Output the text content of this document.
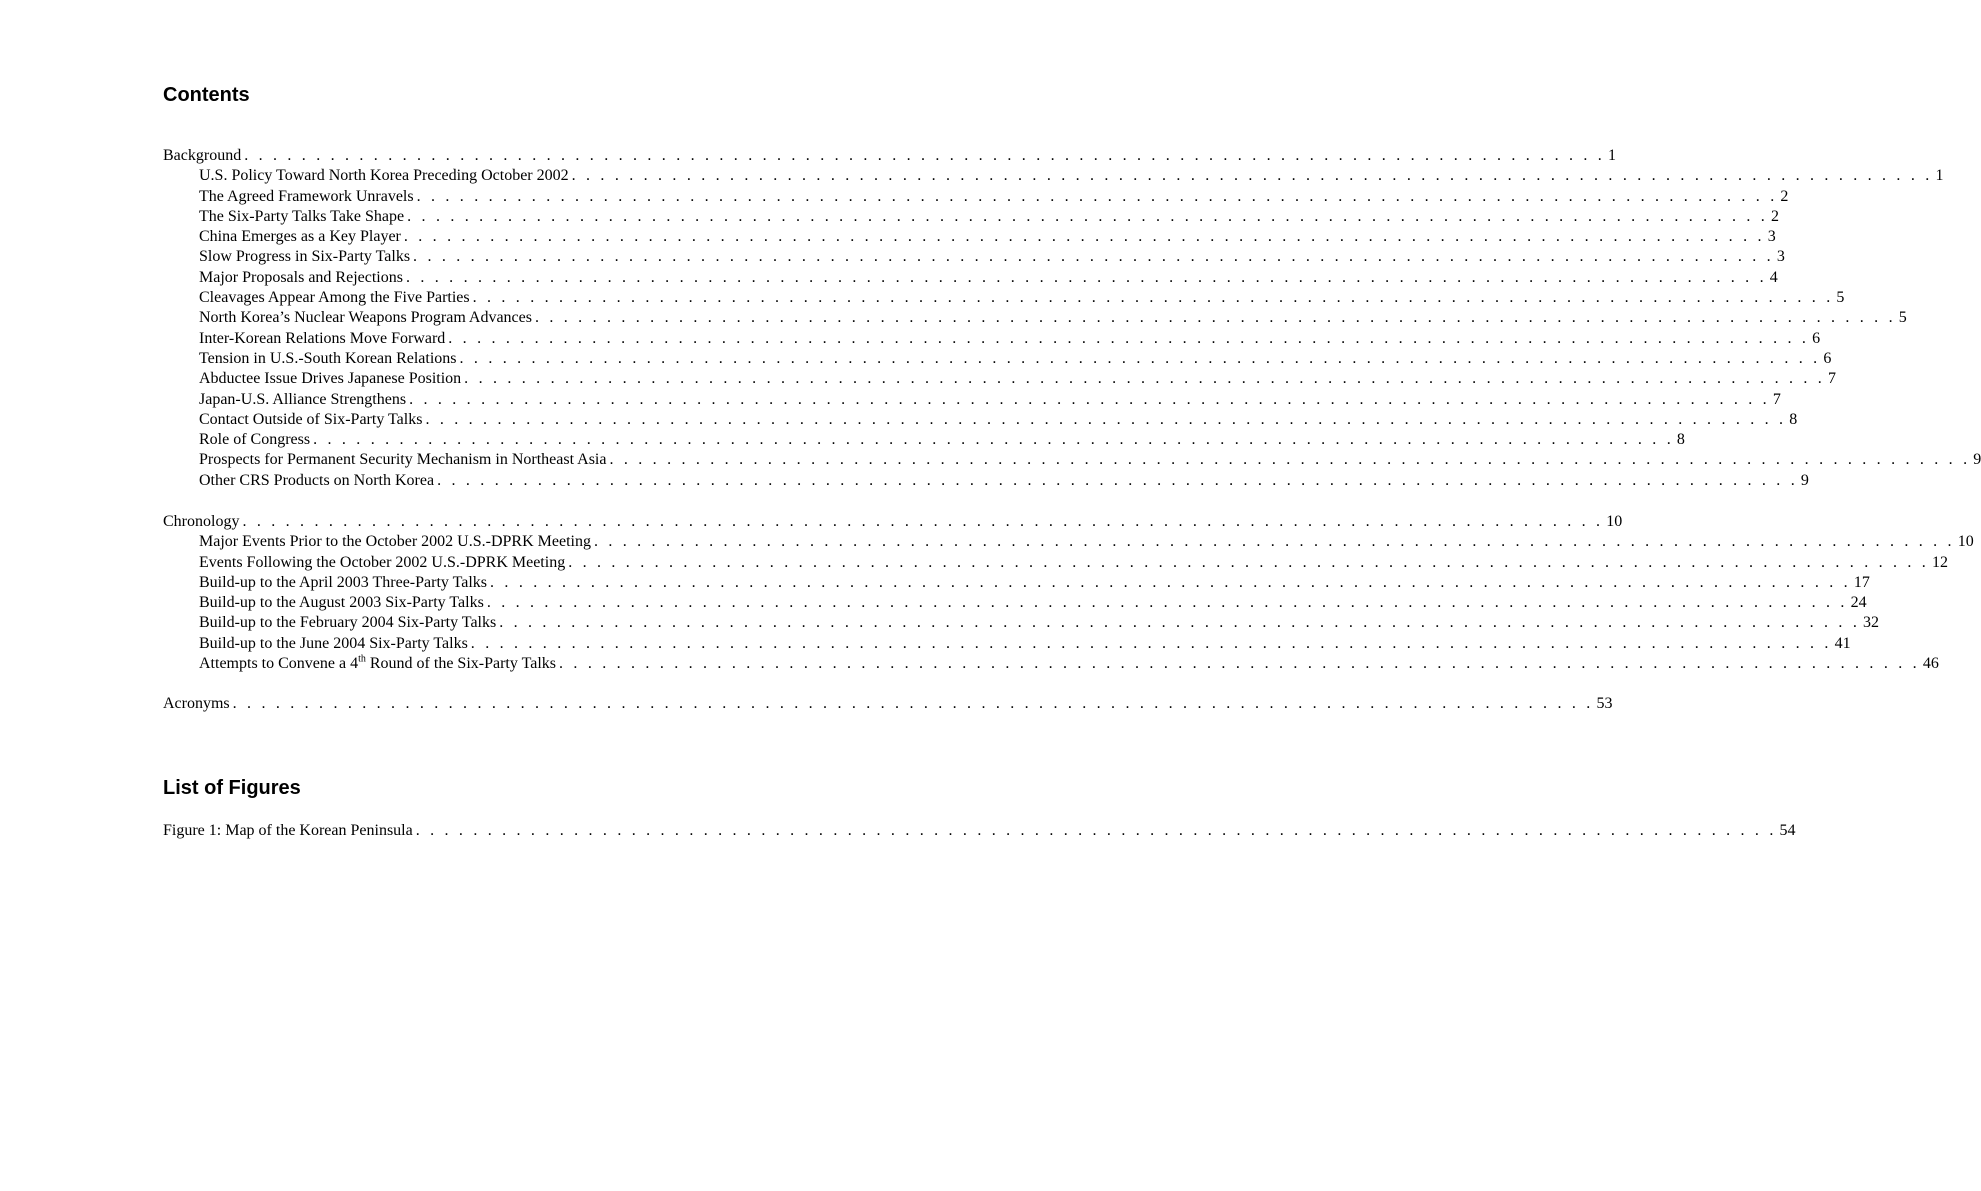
Contents
Background . . . . . . . . . . . . . . . . . . . . . . . . . . . . . . . . . . . . . . . . . . . . . . . . . . . . . . . . . . . . . . . . . . . . . . . . . . . . . . . . . . . . . . . . . . . . . . . 1
U.S. Policy Toward North Korea Preceding October 2002 . . . . . . . . . . . . . . . . . . . . . . . . . . . . . . . . . . . . . . . . . . . . . . . . . . . . . . . . . . . . . . . . . . . . . . . . . . . . . . . . . . . . . . . . . . . . . . . 1
The Agreed Framework Unravels . . . . . . . . . . . . . . . . . . . . . . . . . . . . . . . . . . . . . . . . . . . . . . . . . . . . . . . . . . . . . . . . . . . . . . . . . . . . . . . . . . . . . . . . . . . . . . . 2
The Six-Party Talks Take Shape . . . . . . . . . . . . . . . . . . . . . . . . . . . . . . . . . . . . . . . . . . . . . . . . . . . . . . . . . . . . . . . . . . . . . . . . . . . . . . . . . . . . . . . . . . . . . . . 2
China Emerges as a Key Player . . . . . . . . . . . . . . . . . . . . . . . . . . . . . . . . . . . . . . . . . . . . . . . . . . . . . . . . . . . . . . . . . . . . . . . . . . . . . . . . . . . . . . . . . . . . . . . 3
Slow Progress in Six-Party Talks . . . . . . . . . . . . . . . . . . . . . . . . . . . . . . . . . . . . . . . . . . . . . . . . . . . . . . . . . . . . . . . . . . . . . . . . . . . . . . . . . . . . . . . . . . . . . . . 3
Major Proposals and Rejections . . . . . . . . . . . . . . . . . . . . . . . . . . . . . . . . . . . . . . . . . . . . . . . . . . . . . . . . . . . . . . . . . . . . . . . . . . . . . . . . . . . . . . . . . . . . . . . 4
Cleavages Appear Among the Five Parties . . . . . . . . . . . . . . . . . . . . . . . . . . . . . . . . . . . . . . . . . . . . . . . . . . . . . . . . . . . . . . . . . . . . . . . . . . . . . . . . . . . . . . . . . . . . . . . 5
North Korea’s Nuclear Weapons Program Advances . . . . . . . . . . . . . . . . . . . . . . . . . . . . . . . . . . . . . . . . . . . . . . . . . . . . . . . . . . . . . . . . . . . . . . . . . . . . . . . . . . . . . . . . . . . . . . . 5
Inter-Korean Relations Move Forward . . . . . . . . . . . . . . . . . . . . . . . . . . . . . . . . . . . . . . . . . . . . . . . . . . . . . . . . . . . . . . . . . . . . . . . . . . . . . . . . . . . . . . . . . . . . . . . 6
Tension in U.S.-South Korean Relations . . . . . . . . . . . . . . . . . . . . . . . . . . . . . . . . . . . . . . . . . . . . . . . . . . . . . . . . . . . . . . . . . . . . . . . . . . . . . . . . . . . . . . . . . . . . . . . 6
Abductee Issue Drives Japanese Position . . . . . . . . . . . . . . . . . . . . . . . . . . . . . . . . . . . . . . . . . . . . . . . . . . . . . . . . . . . . . . . . . . . . . . . . . . . . . . . . . . . . . . . . . . . . . . . 7
Japan-U.S. Alliance Strengthens . . . . . . . . . . . . . . . . . . . . . . . . . . . . . . . . . . . . . . . . . . . . . . . . . . . . . . . . . . . . . . . . . . . . . . . . . . . . . . . . . . . . . . . . . . . . . . . 7
Contact Outside of Six-Party Talks . . . . . . . . . . . . . . . . . . . . . . . . . . . . . . . . . . . . . . . . . . . . . . . . . . . . . . . . . . . . . . . . . . . . . . . . . . . . . . . . . . . . . . . . . . . . . . . 8
Role of Congress . . . . . . . . . . . . . . . . . . . . . . . . . . . . . . . . . . . . . . . . . . . . . . . . . . . . . . . . . . . . . . . . . . . . . . . . . . . . . . . . . . . . . . . . . . . . . . . 8
Prospects for Permanent Security Mechanism in Northeast Asia . . . . . . . . . . . . . . . . . . . . . . . . . . . . . . . . . . . . . . . . . . . . . . . . . . . . . . . . . . . . . . . . . . . . . . . . . . . . . . . . . . . . . . . . . . . . . . . 9
Other CRS Products on North Korea . . . . . . . . . . . . . . . . . . . . . . . . . . . . . . . . . . . . . . . . . . . . . . . . . . . . . . . . . . . . . . . . . . . . . . . . . . . . . . . . . . . . . . . . . . . . . . . 9
Chronology . . . . . . . . . . . . . . . . . . . . . . . . . . . . . . . . . . . . . . . . . . . . . . . . . . . . . . . . . . . . . . . . . . . . . . . . . . . . . . . . . . . . . . . . . . . . . . . 10
Major Events Prior to the October 2002 U.S.-DPRK Meeting . . . . . . . . . . . . . . . . . . . . . . . . . . . . . . . . . . . . . . . . . . . . . . . . . . . . . . . . . . . . . . . . . . . . . . . . . . . . . . . . . . . . . . . . . . . . . . . 10
Events Following the October 2002 U.S.-DPRK Meeting . . . . . . . . . . . . . . . . . . . . . . . . . . . . . . . . . . . . . . . . . . . . . . . . . . . . . . . . . . . . . . . . . . . . . . . . . . . . . . . . . . . . . . . . . . . . . . . 12
Build-up to the April 2003 Three-Party Talks . . . . . . . . . . . . . . . . . . . . . . . . . . . . . . . . . . . . . . . . . . . . . . . . . . . . . . . . . . . . . . . . . . . . . . . . . . . . . . . . . . . . . . . . . . . . . . . 17
Build-up to the August 2003 Six-Party Talks . . . . . . . . . . . . . . . . . . . . . . . . . . . . . . . . . . . . . . . . . . . . . . . . . . . . . . . . . . . . . . . . . . . . . . . . . . . . . . . . . . . . . . . . . . . . . . . 24
Build-up to the February 2004 Six-Party Talks . . . . . . . . . . . . . . . . . . . . . . . . . . . . . . . . . . . . . . . . . . . . . . . . . . . . . . . . . . . . . . . . . . . . . . . . . . . . . . . . . . . . . . . . . . . . . . . 32
Build-up to the June 2004 Six-Party Talks . . . . . . . . . . . . . . . . . . . . . . . . . . . . . . . . . . . . . . . . . . . . . . . . . . . . . . . . . . . . . . . . . . . . . . . . . . . . . . . . . . . . . . . . . . . . . . . 41
Attempts to Convene a 4th Round of the Six-Party Talks . . . . . . . . . . . . . . . . . . . . . . . . . . . . . . . . . . . . . . . . . . . . . . . . . . . . . . . . . . . . . . . . . . . . . . . . . . . . . . . . . . . . . . . . . . . . . . . 46
Acronyms . . . . . . . . . . . . . . . . . . . . . . . . . . . . . . . . . . . . . . . . . . . . . . . . . . . . . . . . . . . . . . . . . . . . . . . . . . . . . . . . . . . . . . . . . . . . . . . 53
List of Figures
Figure 1: Map of the Korean Peninsula . . . . . . . . . . . . . . . . . . . . . . . . . . . . . . . . . . . . . . . . . . . . . . . . . . . . . . . . . . . . . . . . . . . . . . . . . . . . . . . . . . . . . . . . . . . . . . . 54
